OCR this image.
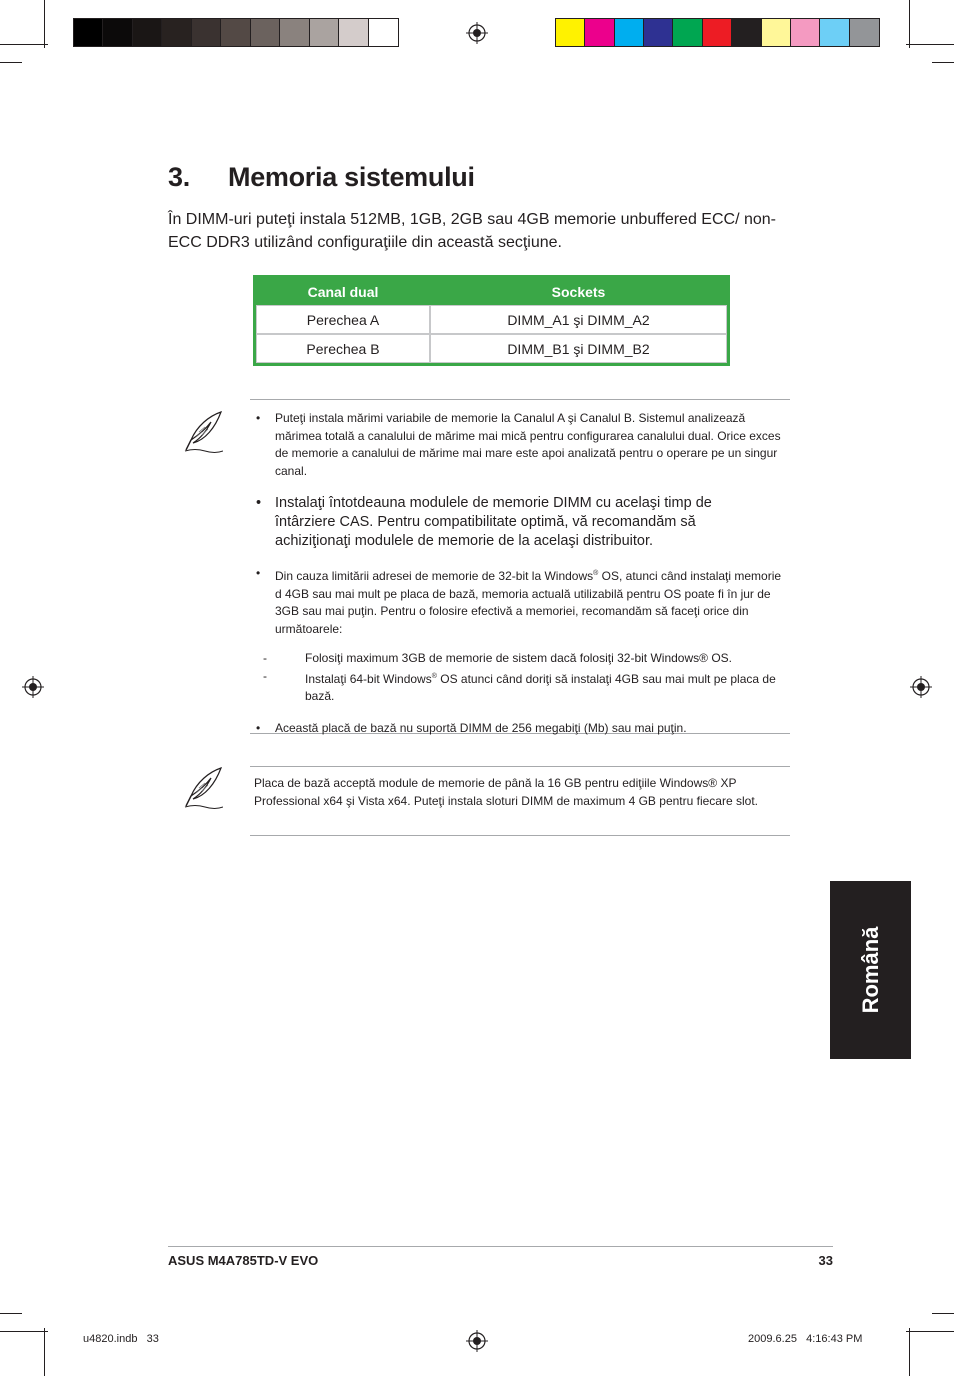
3. Memoria sistemului

În DIMM-uri puteţi instala 512MB, 1GB, 2GB sau 4GB memorie unbuffered ECC/ non-ECC DDR3 utilizând configuraţiile din această secţiune.

Canal dual	Sockets
Perechea A	DIMM_A1 şi DIMM_A2
Perechea B	DIMM_B1 şi DIMM_B2
• Puteţi instala mărimi variabile de memorie la Canalul A şi Canalul B. Sistemul analizează mărimea totală a canalului de mărime mai mică pentru configurarea canalului dual. Orice exces de memorie a canalului de mărime mai mare este apoi analizată pentru o operare pe un singur canal.
• Instalaţi întotdeauna modulele de memorie DIMM cu acelaşi timp de întârziere CAS. Pentru compatibilitate optimă, vă recomandăm să achiziţionaţi modulele de memorie de la acelaşi distribuitor.
• Din cauza limitării adresei de memorie de 32-bit la Windows® OS, atunci când instalaţi memorie d 4GB sau mai mult pe placa de bază, memoria actuală utilizabilă pentru OS poate fi în jur de 3GB sau mai puţin. Pentru o folosire efectivă a memoriei, recomandăm să faceţi orice din următoarele:
-	Folosiţi maximum 3GB de memorie de sistem dacă folosiţi 32-bit Windows® OS.
-	Instalaţi 64-bit Windows® OS atunci când doriţi să instalaţi 4GB sau mai mult pe placa de bază.
• Această placă de bază nu suportă DIMM de 256 megabiţi (Mb) sau mai puţin.

Placa de bază acceptă module de memorie de până la 16 GB pentru ediţiile Windows® XP Professional x64 şi Vista x64. Puteţi instala sloturi DIMM de maximum 4 GB pentru fiecare slot.

Română
ASUS M4A785TD-V EVO	33
u4820.indb   33	2009.6.25   4:16:43 PM
